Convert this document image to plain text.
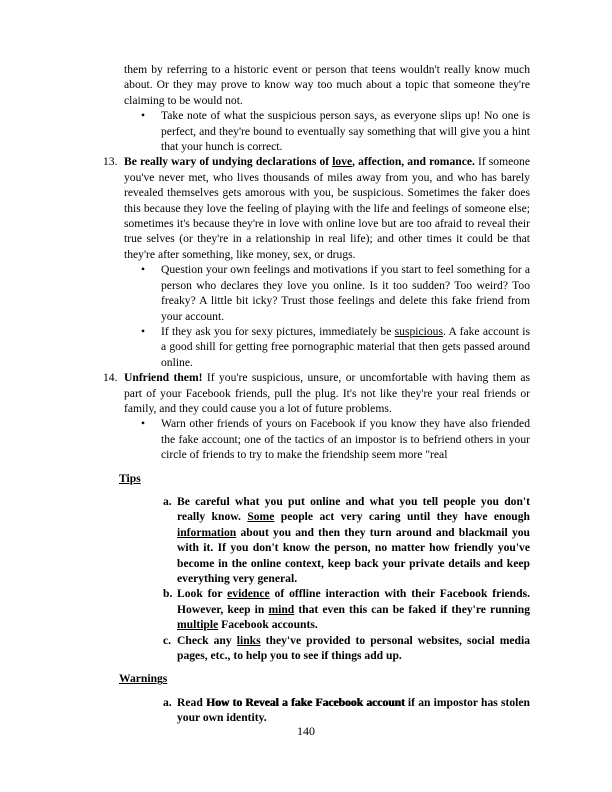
them by referring to a historic event or person that teens wouldn't really know much about. Or they may prove to know way too much about a topic that someone they're claiming to be would not.
• Take note of what the suspicious person says, as everyone slips up! No one is perfect, and they're bound to eventually say something that will give you a hint that your hunch is correct.
13. Be really wary of undying declarations of love, affection, and romance. If someone you've never met, who lives thousands of miles away from you, and who has barely revealed themselves gets amorous with you, be suspicious. Sometimes the faker does this because they love the feeling of playing with the life and feelings of someone else; sometimes it's because they're in love with online love but are too afraid to reveal their true selves (or they're in a relationship in real life); and other times it could be that they're after something, like money, sex, or drugs.
• Question your own feelings and motivations if you start to feel something for a person who declares they love you online. Is it too sudden? Too weird? Too freaky? A little bit icky? Trust those feelings and delete this fake friend from your account.
• If they ask you for sexy pictures, immediately be suspicious. A fake account is a good shill for getting free pornographic material that then gets passed around online.
14. Unfriend them! If you're suspicious, unsure, or uncomfortable with having them as part of your Facebook friends, pull the plug. It's not like they're your real friends or family, and they could cause you a lot of future problems.
• Warn other friends of yours on Facebook if you know they have also friended the fake account; one of the tactics of an impostor is to befriend others in your circle of friends to try to make the friendship seem more "real
Tips
a. Be careful what you put online and what you tell people you don't really know. Some people act very caring until they have enough information about you and then they turn around and blackmail you with it. If you don't know the person, no matter how friendly you've become in the online context, keep back your private details and keep everything very general.
b. Look for evidence of offline interaction with their Facebook friends. However, keep in mind that even this can be faked if they're running multiple Facebook accounts.
c. Check any links they've provided to personal websites, social media pages, etc., to help you to see if things add up.
Warnings
a. Read How to Reveal a fake Facebook account if an impostor has stolen your own identity.
140
